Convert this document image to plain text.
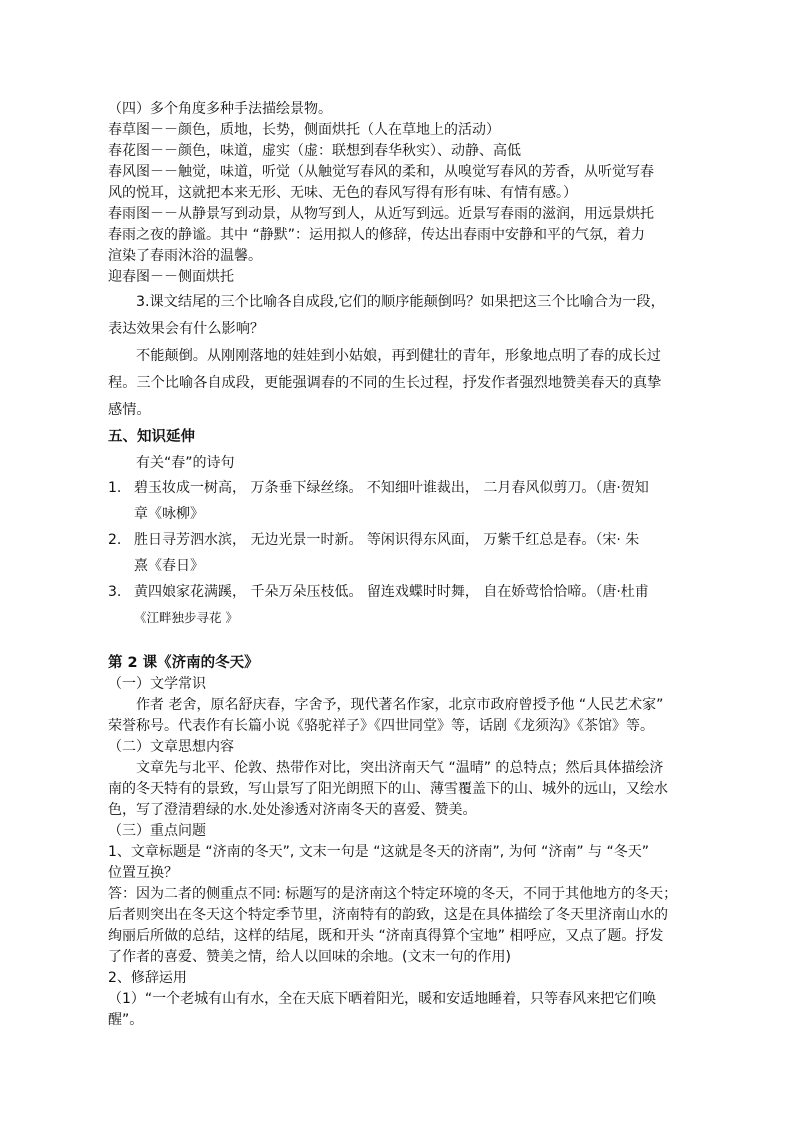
（四）多个角度多种手法描绘景物。
春草图－－颜色，质地，长势，侧面烘托（人在草地上的活动）
春花图－－颜色，味道，虚实（虚：联想到春华秋实）、动静、高低
春风图－－触觉，味道，听觉（从触觉写春风的柔和，从嗅觉写春风的芳香，从听觉写春
风的悦耳，这就把本来无形、无味、无色的春风写得有形有味、有情有感。）
春雨图－－从静景写到动景，从物写到人，从近写到远。近景写春雨的滋润，用远景烘托
春雨之夜的静谧。其中 “静默”：运用拟人的修辞，传达出春雨中安静和平的气氛，着力
渲染了春雨沐浴的温馨。
迎春图－－侧面烘托
3.课文结尾的三个比喻各自成段,它们的顺序能颠倒吗？如果把这三个比喻合为一段，
表达效果会有什么影响？
不能颠倒。从刚刚落地的娃娃到小姑娘，再到健壮的青年，形象地点明了春的成长过
程。三个比喻各自成段，更能强调春的不同的生长过程，抒发作者强烈地赞美春天的真挚
感情。
五、知识延伸
有关“春”的诗句
1. 碧玉妆成一树高， 万条垂下绿丝绦。 不知细叶谁裁出， 二月春风似剪刀。（唐·贺知
章《咏柳》
2. 胜日寻芳泗水滨， 无边光景一时新。 等闲识得东风面， 万紫千红总是春。（宋· 朱
熹《春日》
3. 黄四娘家花满蹊， 千朵万朵压枝低。 留连戏蝶时时舞， 自在娇莺恰恰啼。（唐·杜甫
《江畔独步寻花 》
第 2 课《济南的冬天》
（一）文学常识
作者 老舍，原名舒庆春，字舍予，现代著名作家，北京市政府曾授予他 “人民艺术家”
荣誉称号。代表作有长篇小说《骆驼祥子》《四世同堂》等，话剧《龙须沟》《茶馆》等。
（二）文章思想内容
文章先与北平、伦敦、热带作对比，突出济南天气 “温晴” 的总特点；然后具体描绘济
南的冬天特有的景致，写山景写了阳光朗照下的山、薄雪覆盖下的山、城外的远山，又绘水
色，写了澄清碧绿的水.处处渗透对济南冬天的喜爱、赞美。
（三）重点问题
1、文章标题是 “济南的冬天”, 文末一句是 “这就是冬天的济南”, 为何 “济南” 与 “冬天”
位置互换？
答：因为二者的侧重点不同: 标题写的是济南这个特定环境的冬天，不同于其他地方的冬天；
后者则突出在冬天这个特定季节里，济南特有的韵致，这是在具体描绘了冬天里济南山水的
绚丽后所做的总结，这样的结尾，既和开头 “济南真得算个宝地” 相呼应，又点了题。抒发
了作者的喜爱、赞美之情，给人以回味的余地。(文末一句的作用)
2、修辞运用
（1）“一个老城有山有水，全在天底下晒着阳光，暖和安适地睡着，只等春风来把它们唤
醒”。
